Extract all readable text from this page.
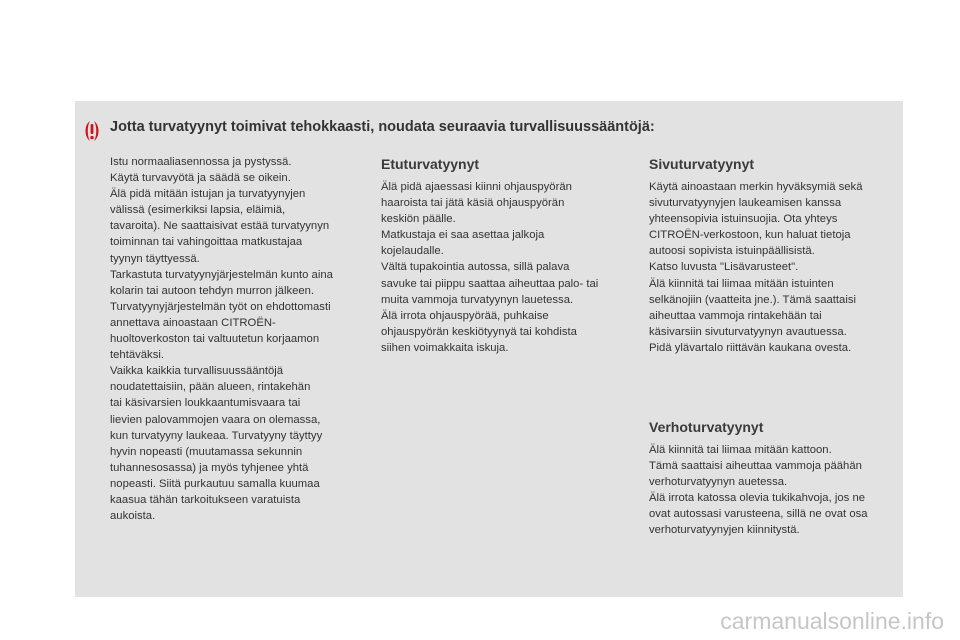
Jotta turvatyynyt toimivat tehokkaasti, noudata seuraavia turvallisuussääntöjä:

Istu normaaliasennossa ja pystyssä.
Käytä turvavyötä ja säädä se oikein.
Älä pidä mitään istujan ja turvatyynyjen
välissä (esimerkiksi lapsia, eläimiä,
tavaroita). Ne saattaisivat estää turvatyynyn
toiminnan tai vahingoittaa matkustajaa
tyynyn täyttyessä.
Tarkastuta turvatyynyjärjestelmän kunto aina
kolarin tai autoon tehdyn murron jälkeen.
Turvatyynyjärjestelmän työt on ehdottomasti
annettava ainoastaan CITROËN-
huoltoverkoston tai valtuutetun korjaamon
tehtäväksi.
Vaikka kaikkia turvallisuussääntöjä
noudatettaisiin, pään alueen, rintakehän
tai käsivarsien loukkaantumisvaara tai
lievien palovammojen vaara on olemassa,
kun turvatyyny laukeaa. Turvatyyny täyttyy
hyvin nopeasti (muutamassa sekunnin
tuhannesosassa) ja myös tyhjenee yhtä
nopeasti. Siitä purkautuu samalla kuumaa
kaasua tähän tarkoitukseen varatuista
aukoista.

Etuturvatyynyt

Älä pidä ajaessasi kiinni ohjauspyörän
haaroista tai jätä käsiä ohjauspyörän
keskiön päälle.
Matkustaja ei saa asettaa jalkoja
kojelaudalle.
Vältä tupakointia autossa, sillä palava
savuke tai piippu saattaa aiheuttaa palo- tai
muita vammoja turvatyynyn lauetessa.
Älä irrota ohjauspyörää, puhkaise
ohjauspyörän keskiötyynyä tai kohdista
siihen voimakkaita iskuja.

Sivuturvatyynyt

Käytä ainoastaan merkin hyväksymiä sekä
sivuturvatyynyjen laukeamisen kanssa
yhteensopivia istuinsuojia. Ota yhteys
CITROËN-verkostoon, kun haluat tietoja
autoosi sopivista istuinpäällisistä.
Katso luvusta "Lisävarusteet".
Älä kiinnitä tai liimaa mitään istuinten
selkänojiin (vaatteita jne.). Tämä saattaisi
aiheuttaa vammoja rintakehään tai
käsivarsiin sivuturvatyynyn avautuessa.
Pidä ylävartalo riittävän kaukana ovesta.

Verhoturvatyynyt

Älä kiinnitä tai liimaa mitään kattoon.
Tämä saattaisi aiheuttaa vammoja päähän
verhoturvatyynyn auetessa.
Älä irrota katossa olevia tukikahvoja, jos ne
ovat autossasi varusteena, sillä ne ovat osa
verhoturvatyynyjen kiinnitystä.

carmanualsonline.info
